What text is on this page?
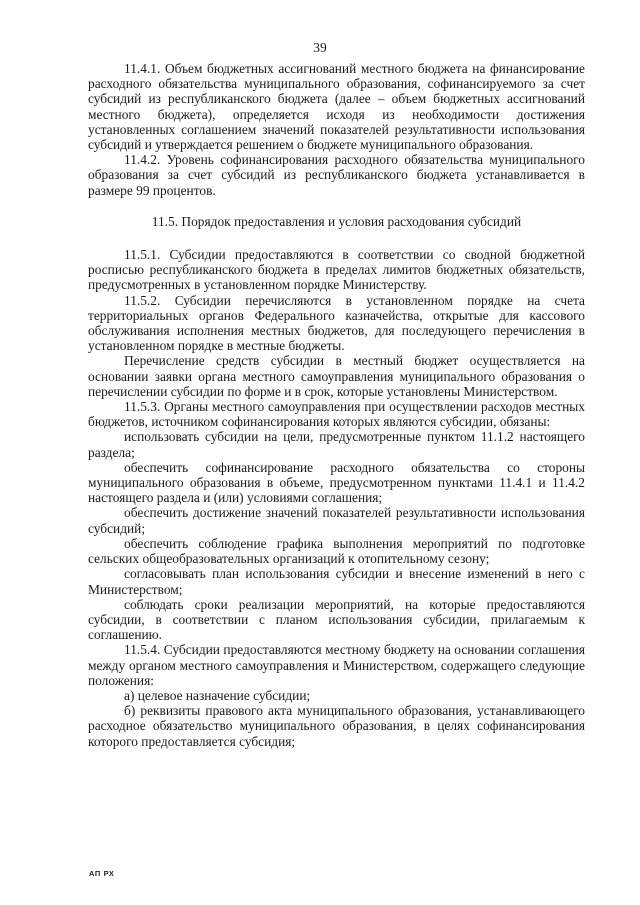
39

11.4.1. Объем бюджетных ассигнований местного бюджета на финансирование расходного обязательства муниципального образования, софинансируемого за счет субсидий из республиканского бюджета (далее – объем бюджетных ассигнований местного бюджета), определяется исходя из необходимости достижения установленных соглашением значений показателей результативности использования субсидий и утверждается решением о бюджете муниципального образования.

11.4.2. Уровень софинансирования расходного обязательства муниципального образования за счет субсидий из республиканского бюджета устанавливается в размере 99 процентов.

11.5. Порядок предоставления и условия расходования субсидий

11.5.1. Субсидии предоставляются в соответствии со сводной бюджетной росписью республиканского бюджета в пределах лимитов бюджетных обязательств, предусмотренных в установленном порядке Министерству.

11.5.2. Субсидии перечисляются в установленном порядке на счета территориальных органов Федерального казначейства, открытые для кассового обслуживания исполнения местных бюджетов, для последующего перечисления в установленном порядке в местные бюджеты.

Перечисление средств субсидии в местный бюджет осуществляется на основании заявки органа местного самоуправления муниципального образования о перечислении субсидии по форме и в срок, которые установлены Министерством.

11.5.3. Органы местного самоуправления при осуществлении расходов местных бюджетов, источником софинансирования которых являются субсидии, обязаны:

использовать субсидии на цели, предусмотренные пунктом 11.1.2 настоящего раздела;

обеспечить софинансирование расходного обязательства со стороны муниципального образования в объеме, предусмотренном пунктами 11.4.1 и 11.4.2 настоящего раздела и (или) условиями соглашения;

обеспечить достижение значений показателей результативности использования субсидий;

обеспечить соблюдение графика выполнения мероприятий по подготовке сельских общеобразовательных организаций к отопительному сезону;

согласовывать план использования субсидии и внесение изменений в него с Министерством;

соблюдать сроки реализации мероприятий, на которые предоставляются субсидии, в соответствии с планом использования субсидии, прилагаемым к соглашению.

11.5.4. Субсидии предоставляются местному бюджету на основании соглашения между органом местного самоуправления и Министерством, содержащего следующие положения:

а) целевое назначение субсидии;

б) реквизиты правового акта муниципального образования, устанавливающего расходное обязательство муниципального образования, в целях софинансирования которого предоставляется субсидия;

АП РХ
